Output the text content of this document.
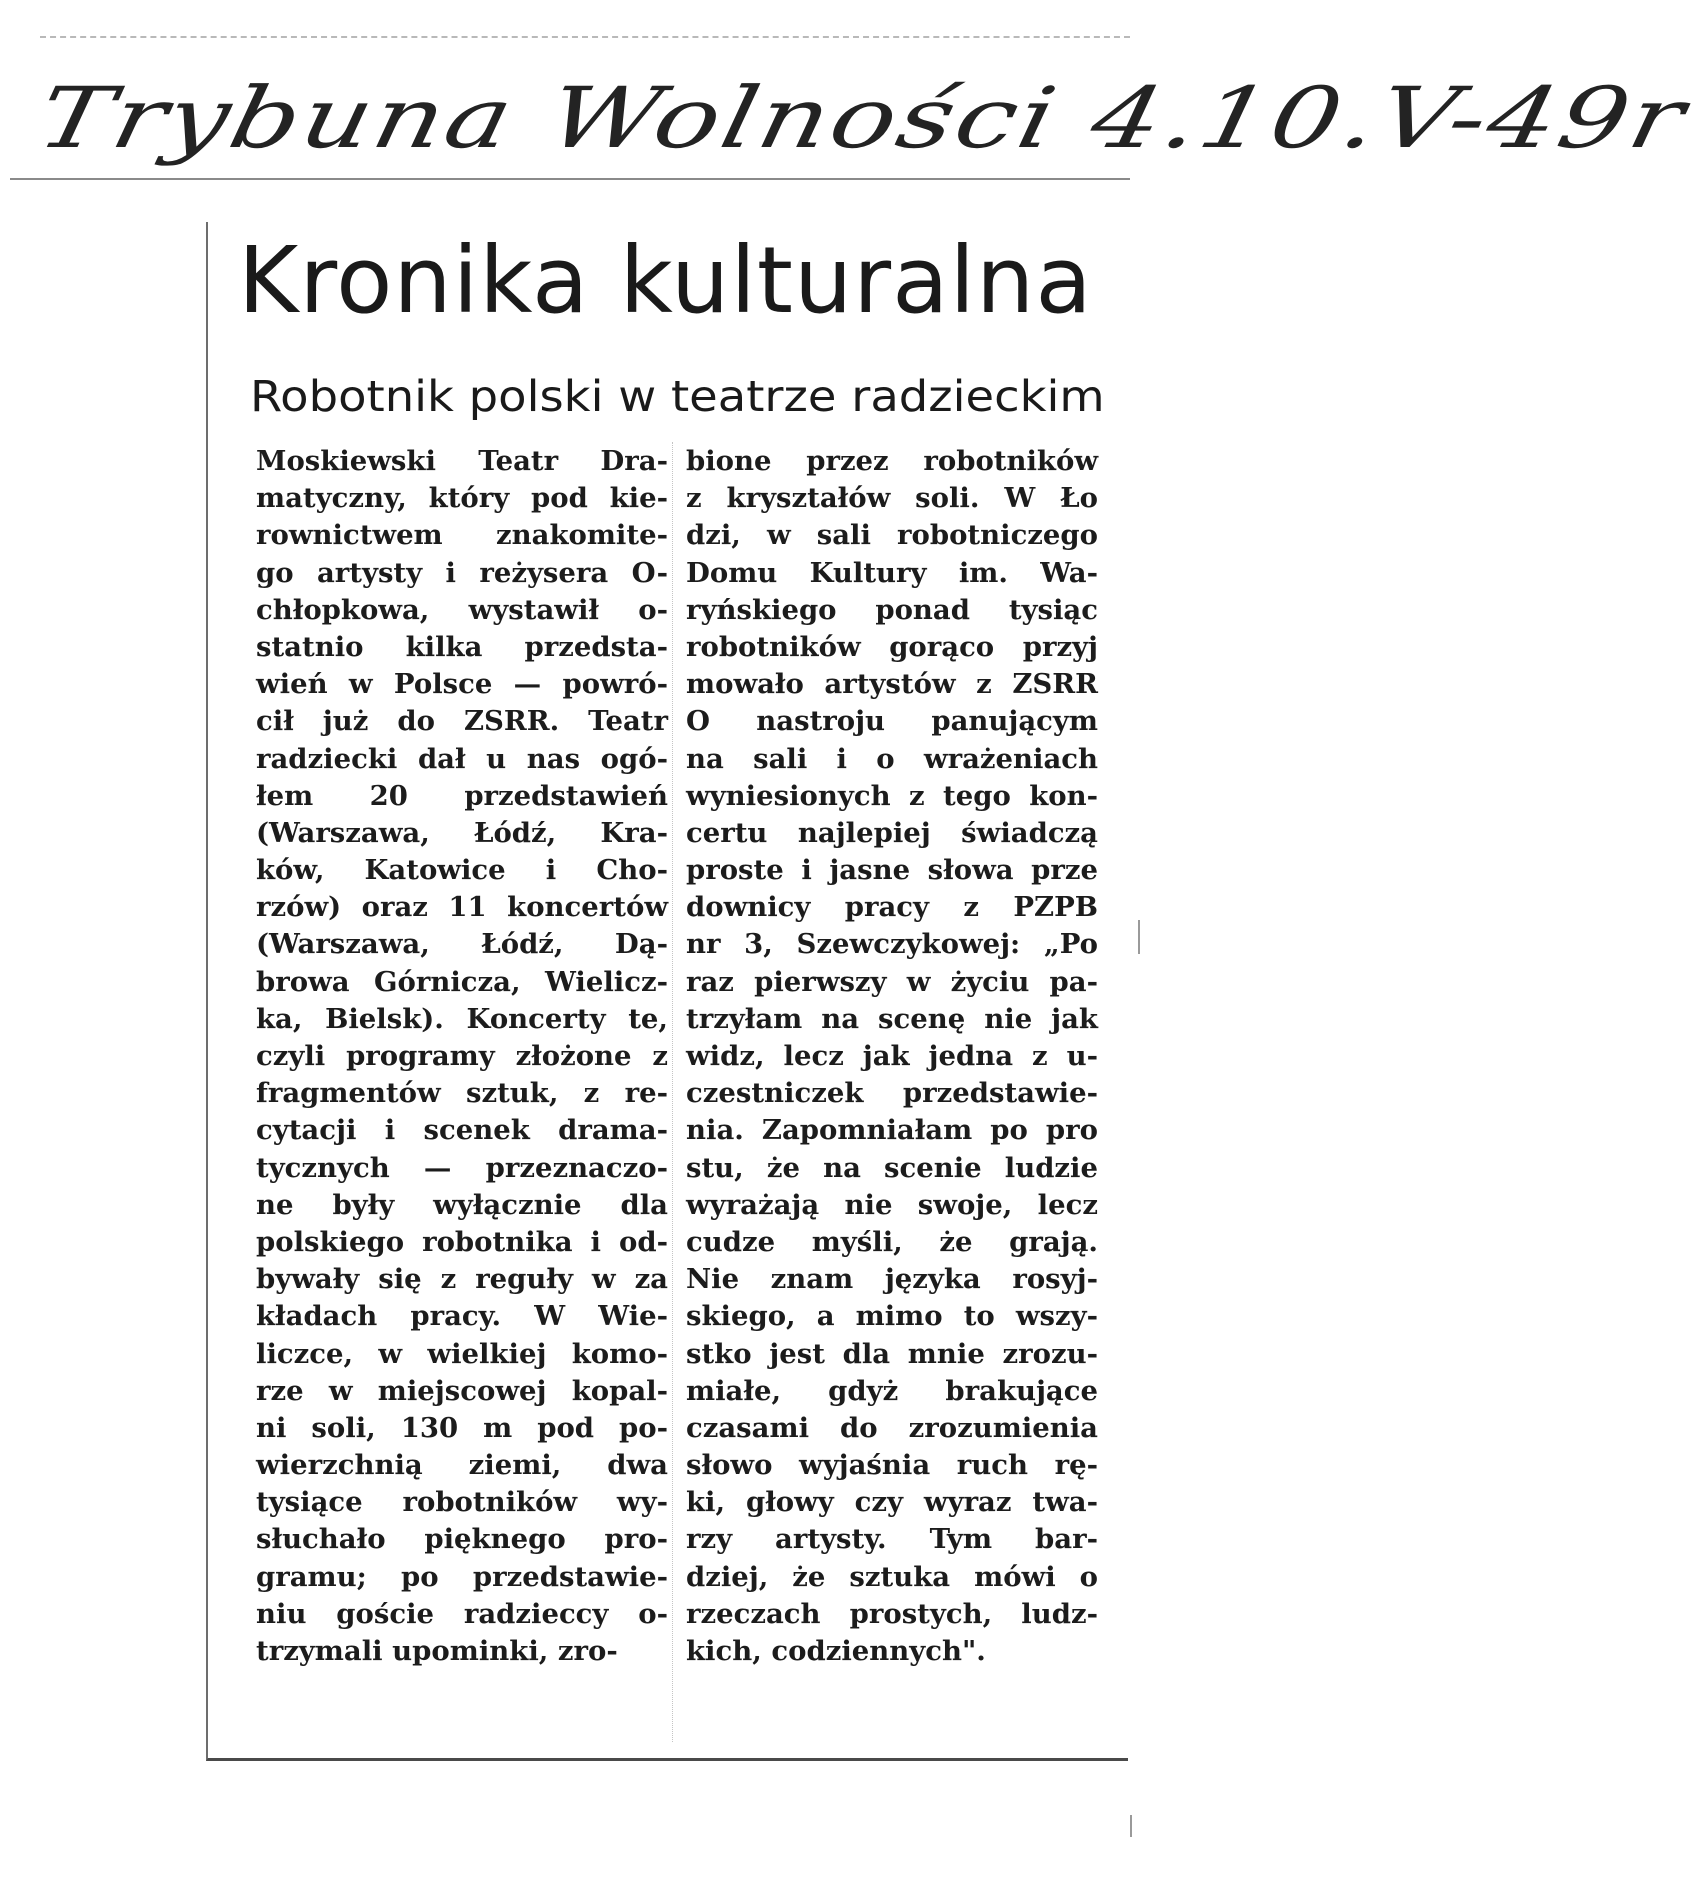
Trybuna Wolności 4.10.V-49r
Kronika kulturalna
Robotnik polski w teatrze radzieckim
Moskiewski Teatr Dra-
matyczny, który pod kie-
rownictwem znakomite-
go artysty i reżysera O-
chłopkowa, wystawił o-
statnio kilka przedsta-
wień w Polsce — powró-
cił już do ZSRR. Teatr
radziecki dał u nas ogó-
łem 20 przedstawień
(Warszawa, Łódź, Kra-
ków, Katowice i Cho-
rzów) oraz 11 koncertów
(Warszawa, Łódź, Dą-
browa Górnicza, Wielicz-
ka, Bielsk). Koncerty te,
czyli programy złożone z
fragmentów sztuk, z re-
cytacji i scenek drama-
tycznych — przeznaczo-
ne były wyłącznie dla
polskiego robotnika i od-
bywały się z reguły w za
kładach pracy. W Wie-
liczce, w wielkiej komo-
rze w miejscowej kopal-
ni soli, 130 m pod po-
wierzchnią ziemi, dwa
tysiące robotników wy-
słuchało pięknego pro-
gramu; po przedstawie-
niu goście radzieccy o-
trzymali upominki, zro-
bione przez robotników
z kryształów soli. W Ło
dzi, w sali robotniczego
Domu Kultury im. Wa-
ryńskiego ponad tysiąc
robotników gorąco przyj
mowało artystów z ZSRR
O nastroju panującym
na sali i o wrażeniach
wyniesionych z tego kon-
certu najlepiej świadczą
proste i jasne słowa prze
downicy pracy z PZPB
nr 3, Szewczykowej: „Po
raz pierwszy w życiu pa-
trzyłam na scenę nie jak
widz, lecz jak jedna z u-
czestniczek przedstawie-
nia. Zapomniałam po pro
stu, że na scenie ludzie
wyrażają nie swoje, lecz
cudze myśli, że grają.
Nie znam języka rosyj-
skiego, a mimo to wszy-
stko jest dla mnie zrozu-
miałe, gdyż brakujące
czasami do zrozumienia
słowo wyjaśnia ruch rę-
ki, głowy czy wyraz twa-
rzy artysty. Tym bar-
dziej, że sztuka mówi o
rzeczach prostych, ludz-
kich, codziennych".
